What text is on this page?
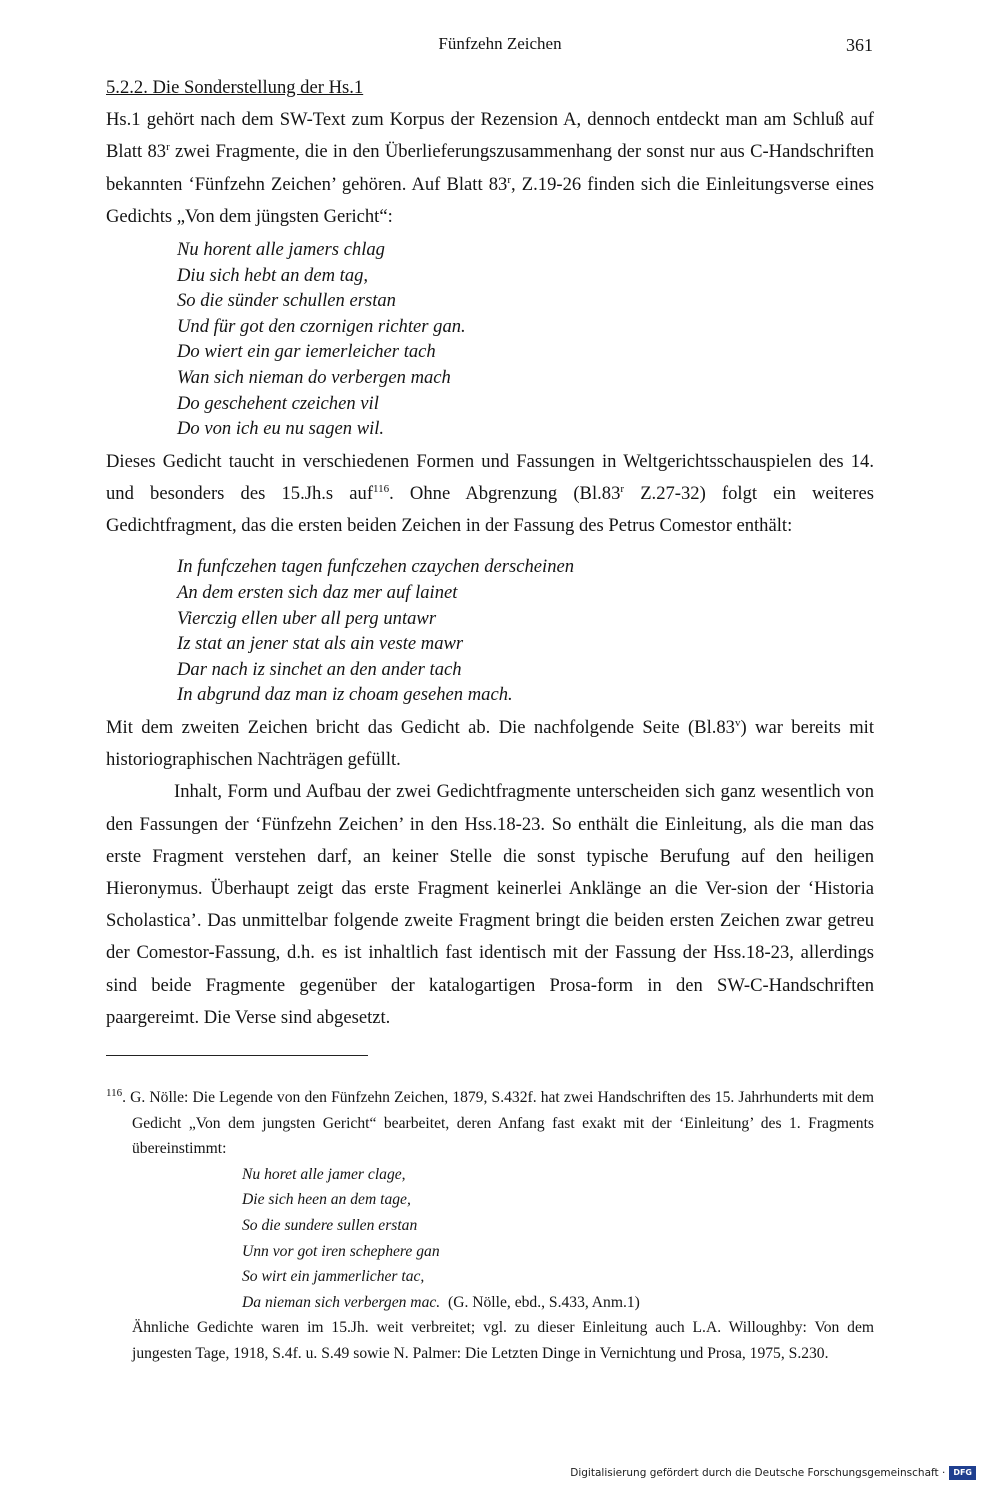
Fünfzehn Zeichen	361

5.2.2. Die Sonderstellung der Hs.1

Hs.1 gehört nach dem SW-Text zum Korpus der Rezension A, dennoch entdeckt man am Schluß auf Blatt 83$^r$ zwei Fragmente, die in den Überlieferungszusammenhang der sonst nur aus C-Handschriften bekannten ‘Fünfzehn Zeichen’ gehören. Auf Blatt 83$^r$, Z.19-26 finden sich die Einleitungsverse eines Gedichts „Von dem jüngsten Gericht“:

Nu horent alle jamers chlag
Diu sich hebt an dem tag,
So die sünder schullen erstan
Und für got den czornigen richter gan.
Do wiert ein gar iemerleicher tach
Wan sich nieman do verbergen mach
Do geschehent czeichen vil
Do von ich eu nu sagen wil.

Dieses Gedicht taucht in verschiedenen Formen und Fassungen in Weltgerichtsschauspielen des 14. und besonders des 15.Jh.s auf$^{116}$. Ohne Abgrenzung (Bl.83$^r$ Z.27-32) folgt ein weiteres Gedichtfragment, das die ersten beiden Zeichen in der Fassung des Petrus Comestor enthält:

In funfczehen tagen funfczehen czaychen derscheinen
An dem ersten sich daz mer auf lainet
Vierczig ellen uber all perg untawr
Iz stat an jener stat als ain veste mawr
Dar nach iz sinchet an den ander tach
In abgrund daz man iz choam gesehen mach.

Mit dem zweiten Zeichen bricht das Gedicht ab. Die nachfolgende Seite (Bl.83$^v$) war bereits mit historiographischen Nachträgen gefüllt.

Inhalt, Form und Aufbau der zwei Gedichtfragmente unterscheiden sich ganz wesentlich von den Fassungen der ‘Fünfzehn Zeichen’ in den Hss.18-23. So enthält die Einleitung, als die man das erste Fragment verstehen darf, an keiner Stelle die sonst typische Berufung auf den heiligen Hieronymus. Überhaupt zeigt das erste Fragment keinerlei Anklänge an die Ver-sion der ‘Historia Scholastica’. Das unmittelbar folgende zweite Fragment bringt die beiden ersten Zeichen zwar getreu der Comestor-Fassung, d.h. es ist inhaltlich fast identisch mit der Fassung der Hss.18-23, allerdings sind beide Fragmente gegenüber der katalogartigen Prosa-form in den SW-C-Handschriften paargereimt. Die Verse sind abgesetzt.

$^{116}$. G. Nölle: Die Legende von den Fünfzehn Zeichen, 1879, S.432f. hat zwei Handschriften des 15. Jahrhunderts mit dem Gedicht „Von dem jungsten Gericht“ bearbeitet, deren Anfang fast exakt mit der ‘Einleitung’ des 1. Fragments übereinstimmt:

Nu horet alle jamer clage,
Die sich heen an dem tage,
So die sundere sullen erstan
Unn vor got iren schephere gan
So wirt ein jammerlicher tac,
Da nieman sich verbergen mac. (G. Nölle, ebd., S.433, Anm.1)

Ähnliche Gedichte waren im 15.Jh. weit verbreitet; vgl. zu dieser Einleitung auch L.A. Willoughby: Von dem jungesten Tage, 1918, S.4f. u. S.49 sowie N. Palmer: Die Letzten Dinge in Vernichtung und Prosa, 1975, S.230.

Digitalisierung gefördert durch die Deutsche Forschungsgemeinschaft ·	DFG
